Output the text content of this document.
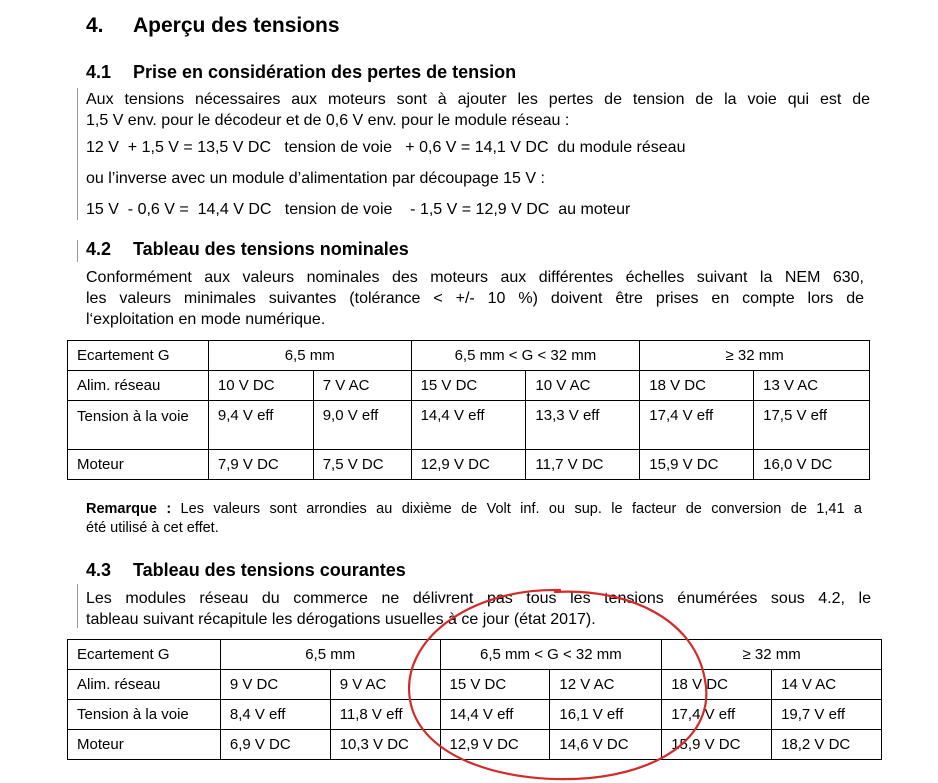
4. Aperçu des tensions
4.1 Prise en considération des pertes de tension
Aux tensions nécessaires aux moteurs sont à ajouter les pertes de tension de la voie qui est de
1,5 V env. pour le décodeur et de 0,6 V env. pour le module réseau :
12 V  + 1,5 V = 13,5 V DC   tension de voie   + 0,6 V = 14,1 V DC  du module réseau
ou l’inverse avec un module d’alimentation par découpage 15 V :
15 V  - 0,6 V =  14,4 V DC   tension de voie    - 1,5 V = 12,9 V DC  au moteur
4.2 Tableau des tensions nominales
Conformément aux valeurs nominales des moteurs aux différentes échelles suivant la NEM 630,
les valeurs minimales suivantes (tolérance < +/- 10 %) doivent être prises en compte lors de
l‘exploitation en mode numérique.
Ecartement G	6,5 mm		6,5 mm < G < 32 mm		≥ 32 mm	
Alim. réseau	10 V DC	7 V AC	15 V DC	10 V AC	18 V DC	13 V AC
Tension à la voie	9,4 V eff	9,0 V eff	14,4 V eff	13,3 V eff	17,4 V eff	17,5 V eff
Moteur	7,9 V DC	7,5 V DC	12,9 V DC	11,7 V DC	15,9 V DC	16,0 V DC
Remarque : Les valeurs sont arrondies au dixième de Volt inf. ou sup. le facteur de conversion de 1,41 a
été utilisé à cet effet.
4.3 Tableau des tensions courantes
Les modules réseau du commerce ne délivrent pas tous les tensions énumérées sous 4.2, le
tableau suivant récapitule les dérogations usuelles à ce jour (état 2017).
Ecartement G	6,5 mm		6,5 mm < G < 32 mm		≥ 32 mm	
Alim. réseau	9 V DC	9 V AC	15 V DC	12 V AC	18 V DC	14 V AC
Tension à la voie	8,4 V eff	11,8 V eff	14,4 V eff	16,1 V eff	17,4 V eff	19,7 V eff
Moteur	6,9 V DC	10,3 V DC	12,9 V DC	14,6 V DC	15,9 V DC	18,2 V DC
